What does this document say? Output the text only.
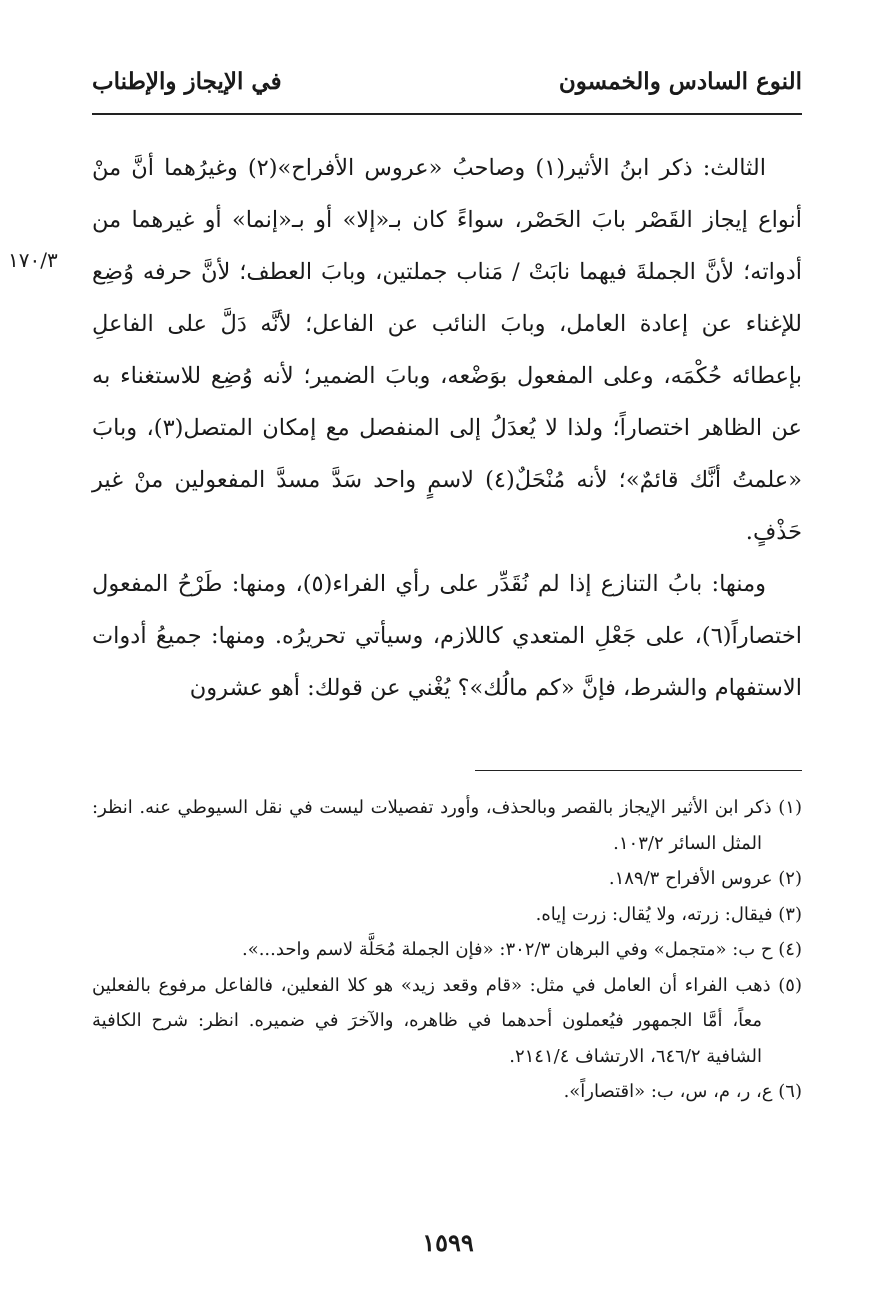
النوع السادس والخمسون
في الإيجاز والإطناب
١٧٠/٣

الثالث: ذكر ابنُ الأثير(١) وصاحبُ «عروس الأفراح»(٢) وغيرُهما أنَّ منْ أنواع إيجاز القَصْر بابَ الحَصْر، سواءً كان بـ«إلا» أو بـ«إنما» أو غيرهما من أدواته؛ لأنَّ الجملةَ فيهما نابَتْ / مَناب جملتين، وبابَ العطف؛ لأنَّ حرفه وُضِع للإغناء عن إعادة العامل، وبابَ النائب عن الفاعل؛ لأنَّه دَلَّ على الفاعلِ بإعطائه حُكْمَه، وعلى المفعول بوَضْعه، وبابَ الضمير؛ لأنه وُضِع للاستغناء به عن الظاهر اختصاراً؛ ولذا لا يُعدَلُ إلى المنفصل مع إمكان المتصل(٣)، وبابَ «علمتُ أنَّك قائمٌ»؛ لأنه مُنْحَلٌ(٤) لاسمٍ واحد سَدَّ مسدَّ المفعولين منْ غير حَذْفٍ.

ومنها: بابُ التنازع إذا لم نُقَدِّر على رأي الفراء(٥)، ومنها: طَرْحُ المفعول اختصاراً(٦)، على جَعْلِ المتعدي كاللازم، وسيأتي تحريرُه. ومنها: جميعُ أدوات الاستفهام والشرط، فإنَّ «كم مالُك»؟ يُغْني عن قولك: أهو عشرون

(١) ذكر ابن الأثير الإيجاز بالقصر وبالحذف، وأورد تفصيلات ليست في نقل السيوطي عنه. انظر: المثل السائر ١٠٣/٢.

(٢) عروس الأفراح ١٨٩/٣.

(٣) فيقال: زرته، ولا يُقال: زرت إياه.

(٤) ح ب: «متجمل» وفي البرهان ٣٠٢/٣: «فإن الجملة مُحَلَّة لاسم واحد...».

(٥) ذهب الفراء أن العامل في مثل: «قام وقعد زيد» هو كلا الفعلين، فالفاعل مرفوع بالفعلين معاً، أمَّا الجمهور فيُعملون أحدهما في ظاهره، والآخرَ في ضميره. انظر: شرح الكافية الشافية ٦٤٦/٢، الارتشاف ٢١٤١/٤.

(٦) ع، ر، م، س، ب: «اقتصاراً».

١٥٩٩
